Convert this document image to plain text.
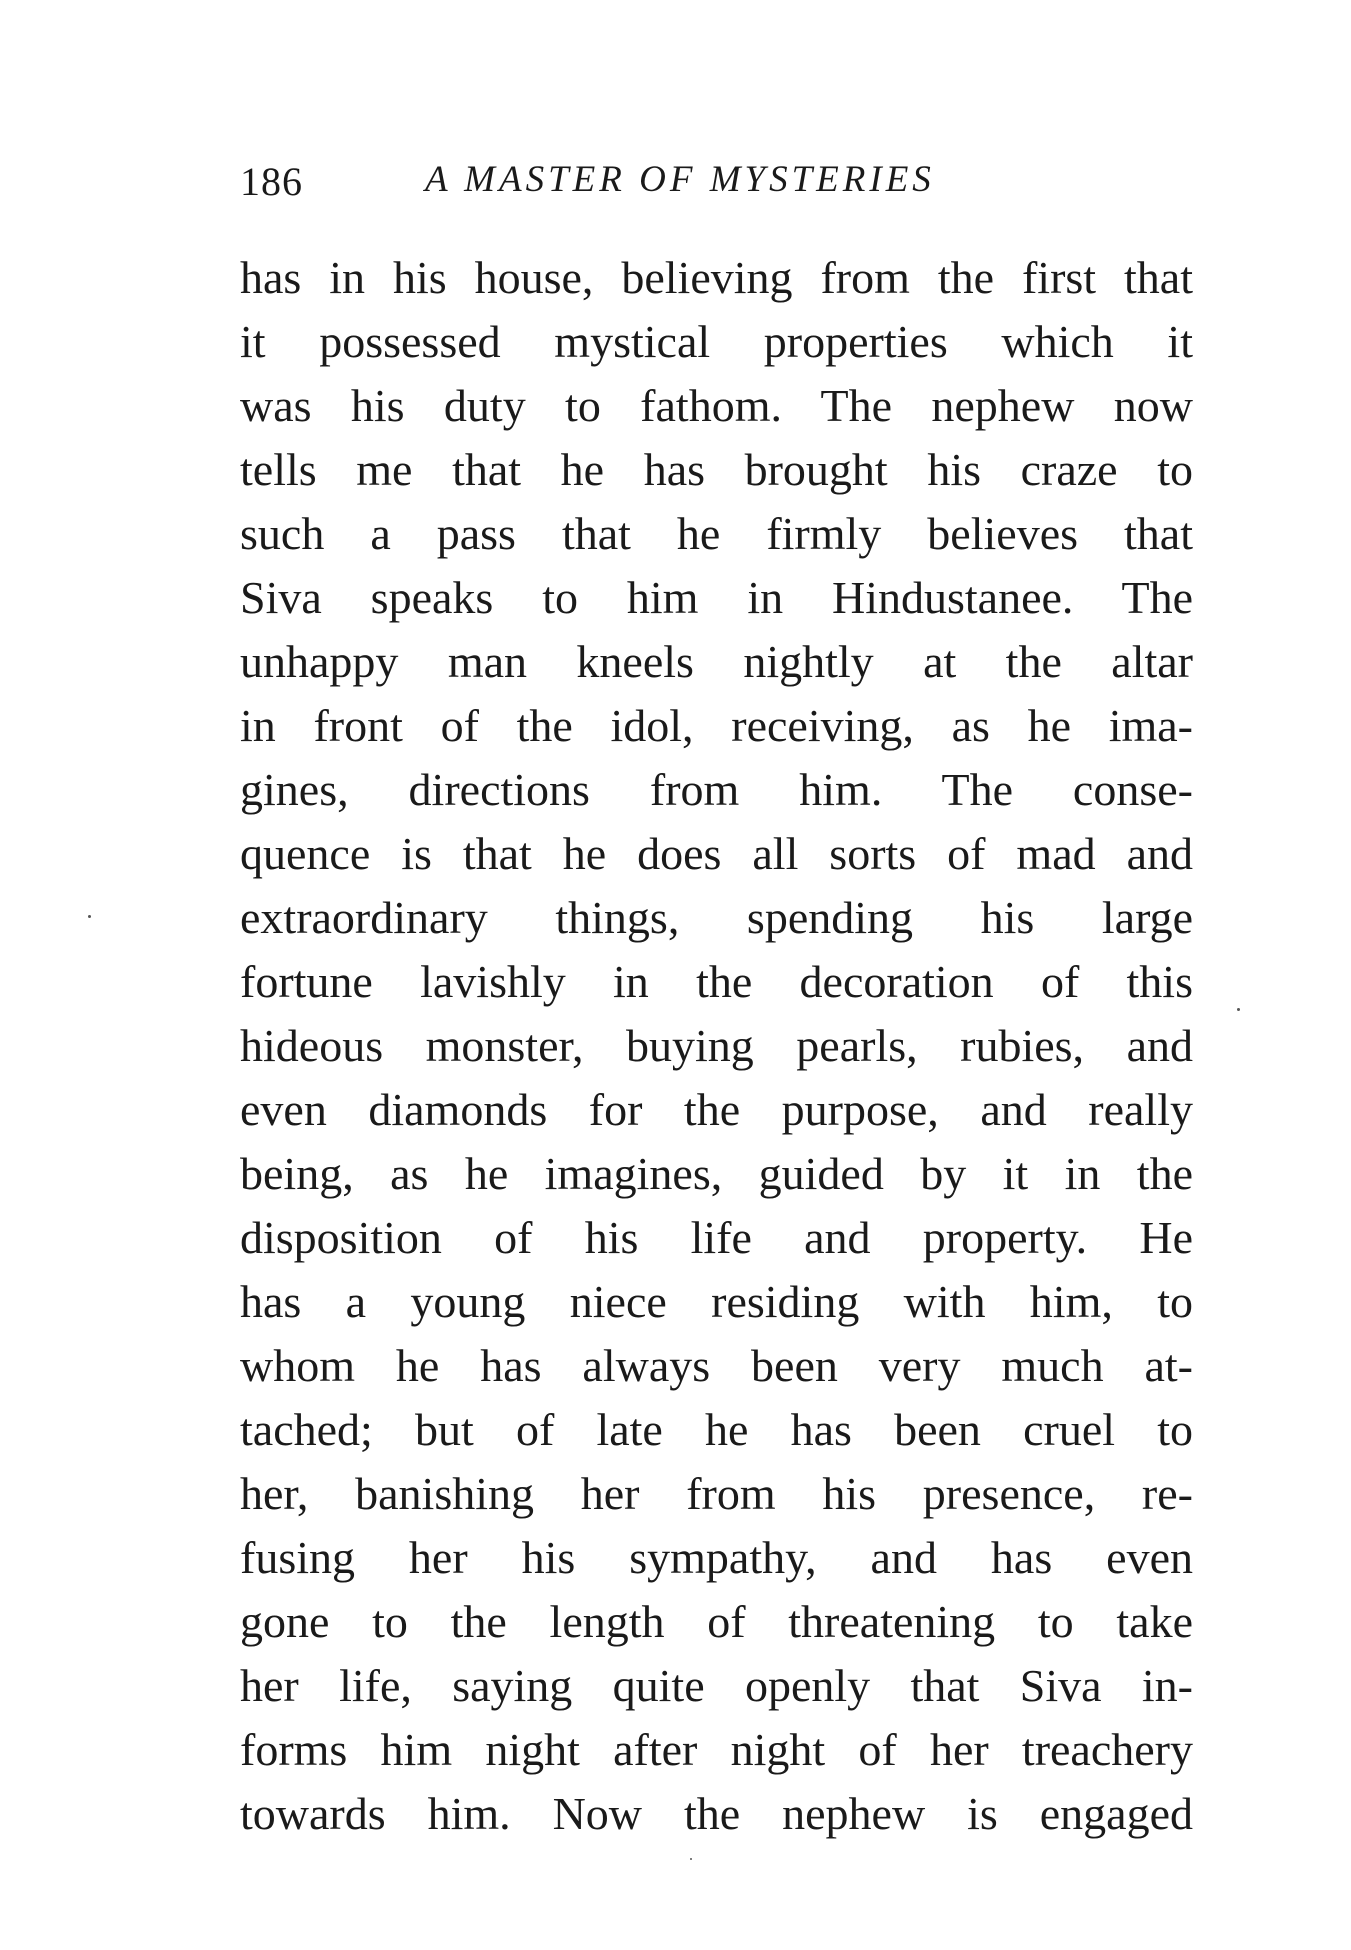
186	A MASTER OF MYSTERIES
has in his house, believing from the first that
it possessed mystical properties which it
was his duty to fathom. The nephew now
tells me that he has brought his craze to
such a pass that he firmly believes that
Siva speaks to him in Hindustanee. The
unhappy man kneels nightly at the altar
in front of the idol, receiving, as he ima-
gines, directions from him. The conse-
quence is that he does all sorts of mad and
extraordinary things, spending his large
fortune lavishly in the decoration of this
hideous monster, buying pearls, rubies, and
even diamonds for the purpose, and really
being, as he imagines, guided by it in the
disposition of his life and property. He
has a young niece residing with him, to
whom he has always been very much at-
tached; but of late he has been cruel to
her, banishing her from his presence, re-
fusing her his sympathy, and has even
gone to the length of threatening to take
her life, saying quite openly that Siva in-
forms him night after night of her treachery
towards him. Now the nephew is engaged
